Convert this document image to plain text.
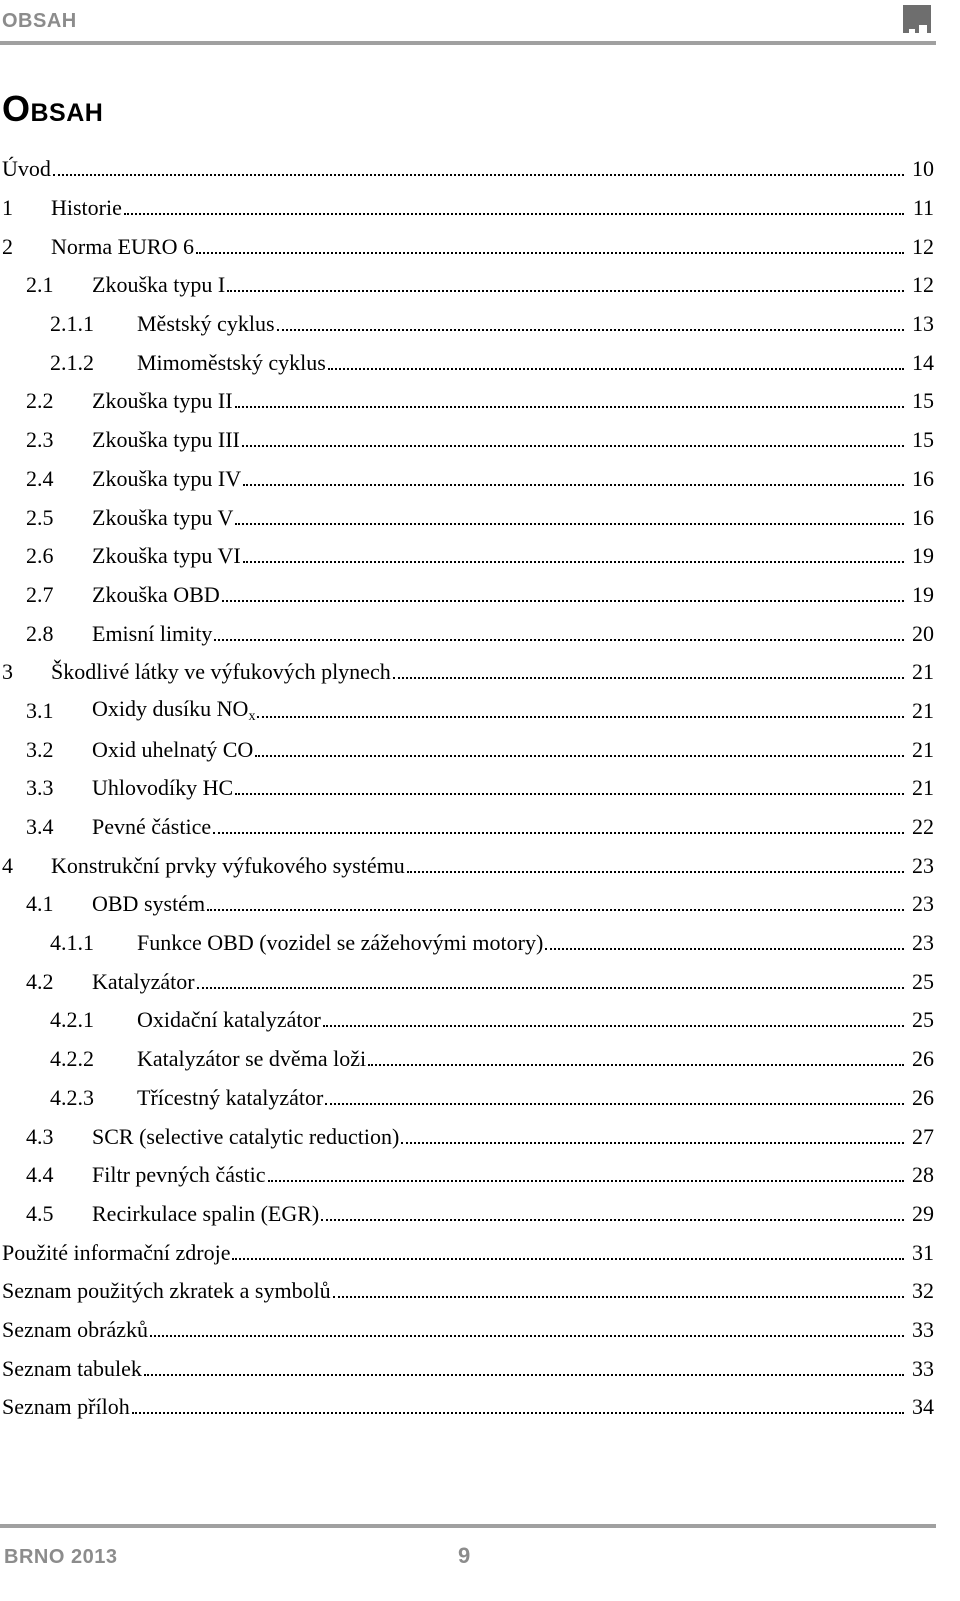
OBSAH
Obsah
Úvod	10
1	Historie	11
2	Norma EURO 6	12
2.1	Zkouška typu I	12
2.1.1	Městský cyklus	13
2.1.2	Mimoměstský cyklus	14
2.2	Zkouška typu II	15
2.3	Zkouška typu III	15
2.4	Zkouška typu IV	16
2.5	Zkouška typu V	16
2.6	Zkouška typu VI	19
2.7	Zkouška OBD	19
2.8	Emisní limity	20
3	Škodlivé látky ve výfukových plynech	21
3.1	Oxidy dusíku $NO_x$	21
3.2	Oxid uhelnatý CO	21
3.3	Uhlovodíky HC	21
3.4	Pevné částice	22
4	Konstrukční prvky výfukového systému	23
4.1	OBD systém	23
4.1.1	Funkce OBD (vozidel se zážehovými motory)	23
4.2	Katalyzátor	25
4.2.1	Oxidační katalyzátor	25
4.2.2	Katalyzátor se dvěma loži	26
4.2.3	Třícestný katalyzátor	26
4.3	SCR (selective catalytic reduction)	27
4.4	Filtr pevných částic	28
4.5	Recirkulace spalin (EGR)	29
Použité informační zdroje	31
Seznam použitých zkratek a symbolů	32
Seznam obrázků	33
Seznam tabulek	33
Seznam příloh	34
BRNO 2013	9
